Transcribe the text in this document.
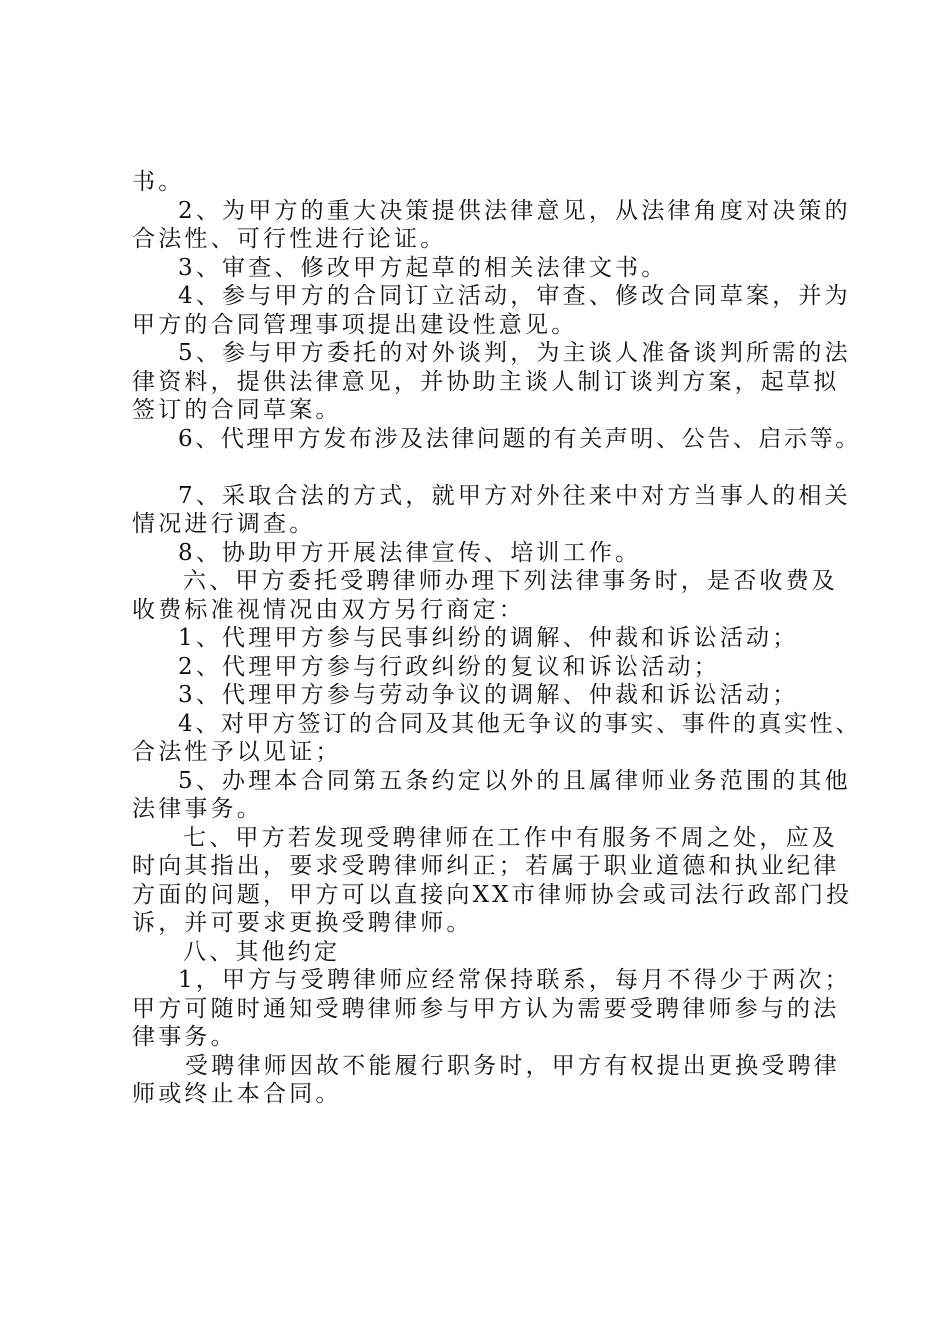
书。
2、为甲方的重大决策提供法律意见，从法律角度对决策的
合法性、可行性进行论证。
3、审查、修改甲方起草的相关法律文书。
4、参与甲方的合同订立活动，审查、修改合同草案，并为
甲方的合同管理事项提出建设性意见。
5、参与甲方委托的对外谈判，为主谈人准备谈判所需的法
律资料，提供法律意见，并协助主谈人制订谈判方案，起草拟
签订的合同草案。
6、代理甲方发布涉及法律问题的有关声明、公告、启示等。
7、采取合法的方式，就甲方对外往来中对方当事人的相关
情况进行调查。
8、协助甲方开展法律宣传、培训工作。
六、甲方委托受聘律师办理下列法律事务时，是否收费及
收费标准视情况由双方另行商定：
1、代理甲方参与民事纠纷的调解、仲裁和诉讼活动；
2、代理甲方参与行政纠纷的复议和诉讼活动；
3、代理甲方参与劳动争议的调解、仲裁和诉讼活动；
4、对甲方签订的合同及其他无争议的事实、事件的真实性、
合法性予以见证；
5、办理本合同第五条约定以外的且属律师业务范围的其他
法律事务。
七、甲方若发现受聘律师在工作中有服务不周之处，应及
时向其指出，要求受聘律师纠正；若属于职业道德和执业纪律
方面的问题，甲方可以直接向XX市律师协会或司法行政部门投
诉，并可要求更换受聘律师。
八、其他约定
1，甲方与受聘律师应经常保持联系，每月不得少于两次；
甲方可随时通知受聘律师参与甲方认为需要受聘律师参与的法
律事务。
受聘律师因故不能履行职务时，甲方有权提出更换受聘律
师或终止本合同。
